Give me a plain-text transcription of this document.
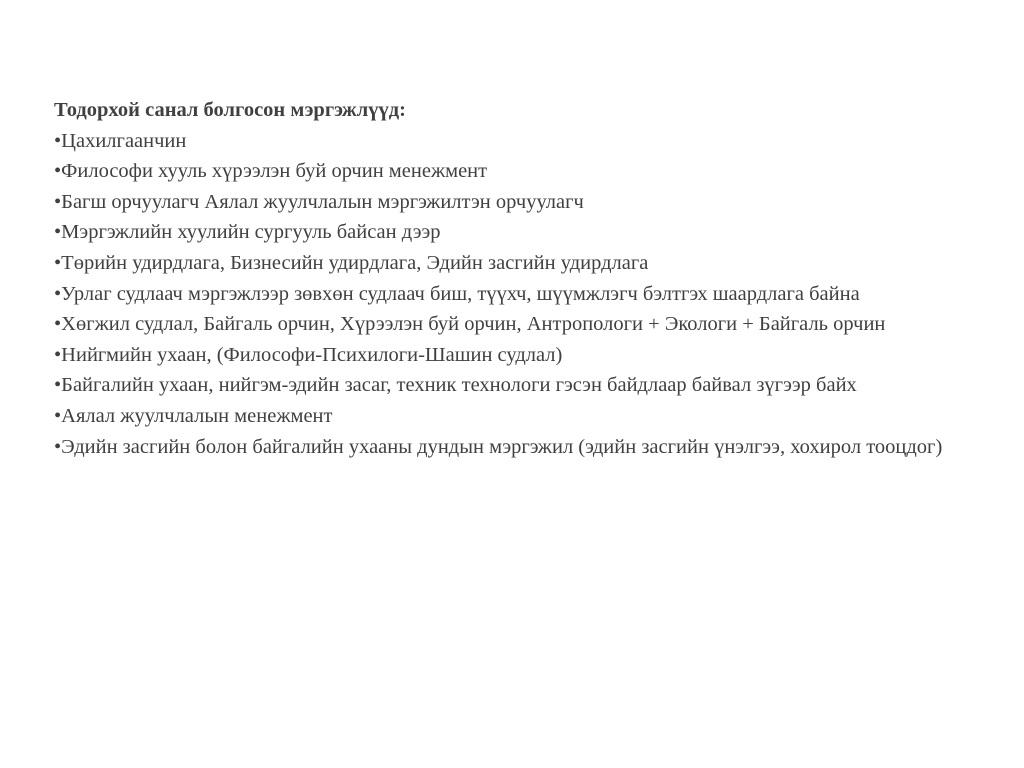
Тодорхой санал болгосон мэргэжлүүд:

•Цахилгаанчин
•Философи хууль хүрээлэн буй орчин менежмент
•Багш орчуулагч Аялал жуулчлалын мэргэжилтэн орчуулагч
•Мэргэжлийн хуулийн сургууль байсан дээр
•Төрийн удирдлага, Бизнесийн удирдлага, Эдийн засгийн удирдлага
•Урлаг судлаач мэргэжлээр зөвхөн судлаач биш, түүхч, шүүмжлэгч бэлтгэх шаардлага байна
•Хөгжил судлал, Байгаль орчин, Хүрээлэн буй орчин, Антропологи + Экологи + Байгаль орчин
•Нийгмийн ухаан, (Философи-Психилоги-Шашин судлал)
•Байгалийн ухаан, нийгэм-эдийн засаг, техник технологи гэсэн байдлаар байвал зүгээр байх
•Аялал жуулчлалын менежмент
•Эдийн засгийн болон байгалийн ухааны дундын мэргэжил (эдийн засгийн үнэлгээ, хохирол тооцдог)
